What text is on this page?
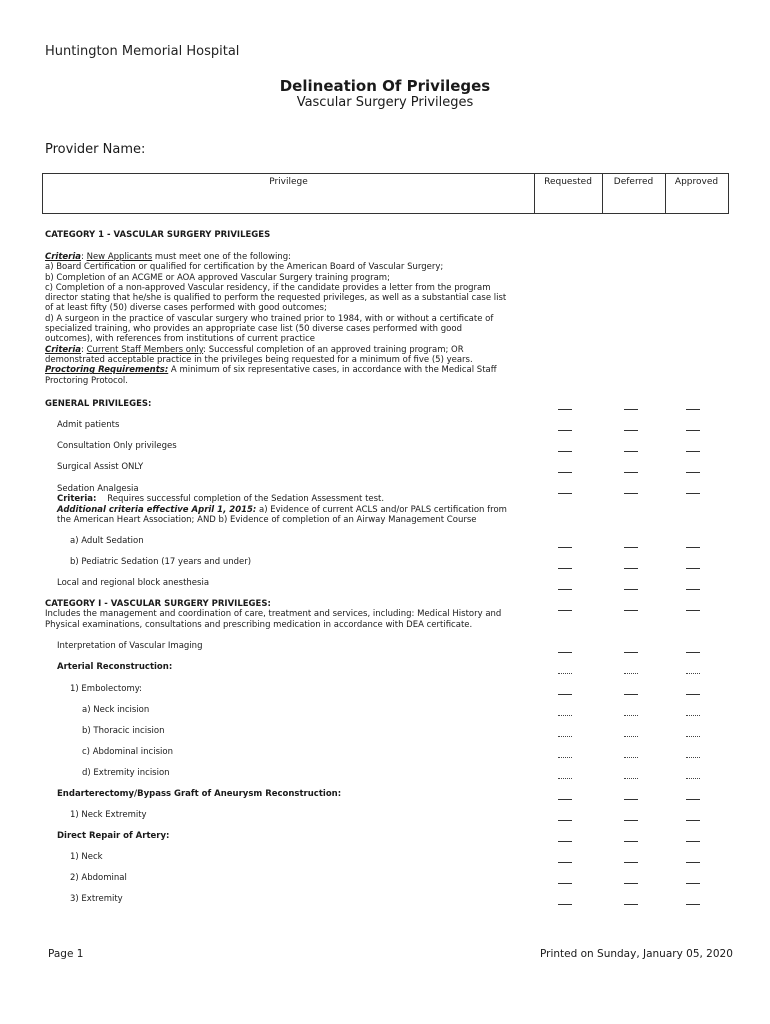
Huntington Memorial Hospital
Delineation Of Privileges
Vascular Surgery Privileges
Provider Name:
Privilege	Requested	Deferred	Approved
CATEGORY 1 - VASCULAR SURGERY PRIVILEGES
Criteria: New Applicants must meet one of the following:
a) Board Certification or qualified for certification by the American Board of Vascular Surgery;
b) Completion of an ACGME or AOA approved Vascular Surgery training program;
c) Completion of a non-approved Vascular residency, if the candidate provides a letter from the program
director stating that he/she is qualified to perform the requested privileges, as well as a substantial case list
of at least fifty (50) diverse cases performed with good outcomes;
d) A surgeon in the practice of vascular surgery who trained prior to 1984, with or without a certificate of
specialized training, who provides an appropriate case list (50 diverse cases performed with good
outcomes), with references from institutions of current practice
Criteria: Current Staff Members only: Successful completion of an approved training program; OR
demonstrated acceptable practice in the privileges being requested for a minimum of five (5) years.
Proctoring Requirements: A minimum of six representative cases, in accordance with the Medical Staff
Proctoring Protocol.
GENERAL PRIVILEGES:
Admit patients
Consultation Only privileges
Surgical Assist ONLY
Sedation Analgesia
Criteria: Requires successful completion of the Sedation Assessment test.
Additional criteria effective April 1, 2015: a) Evidence of current ACLS and/or PALS certification from
the American Heart Association; AND b) Evidence of completion of an Airway Management Course
a) Adult Sedation
b) Pediatric Sedation (17 years and under)
Local and regional block anesthesia
CATEGORY I - VASCULAR SURGERY PRIVILEGES:
Includes the management and coordination of care, treatment and services, including: Medical History and
Physical examinations, consultations and prescribing medication in accordance with DEA certificate.
Interpretation of Vascular Imaging
Arterial Reconstruction:
1) Embolectomy:
a) Neck incision
b) Thoracic incision
c) Abdominal incision
d) Extremity incision
Endarterectomy/Bypass Graft of Aneurysm Reconstruction:
1) Neck Extremity
Direct Repair of Artery:
1) Neck
2) Abdominal
3) Extremity
Page 1	Printed on Sunday, January 05, 2020
